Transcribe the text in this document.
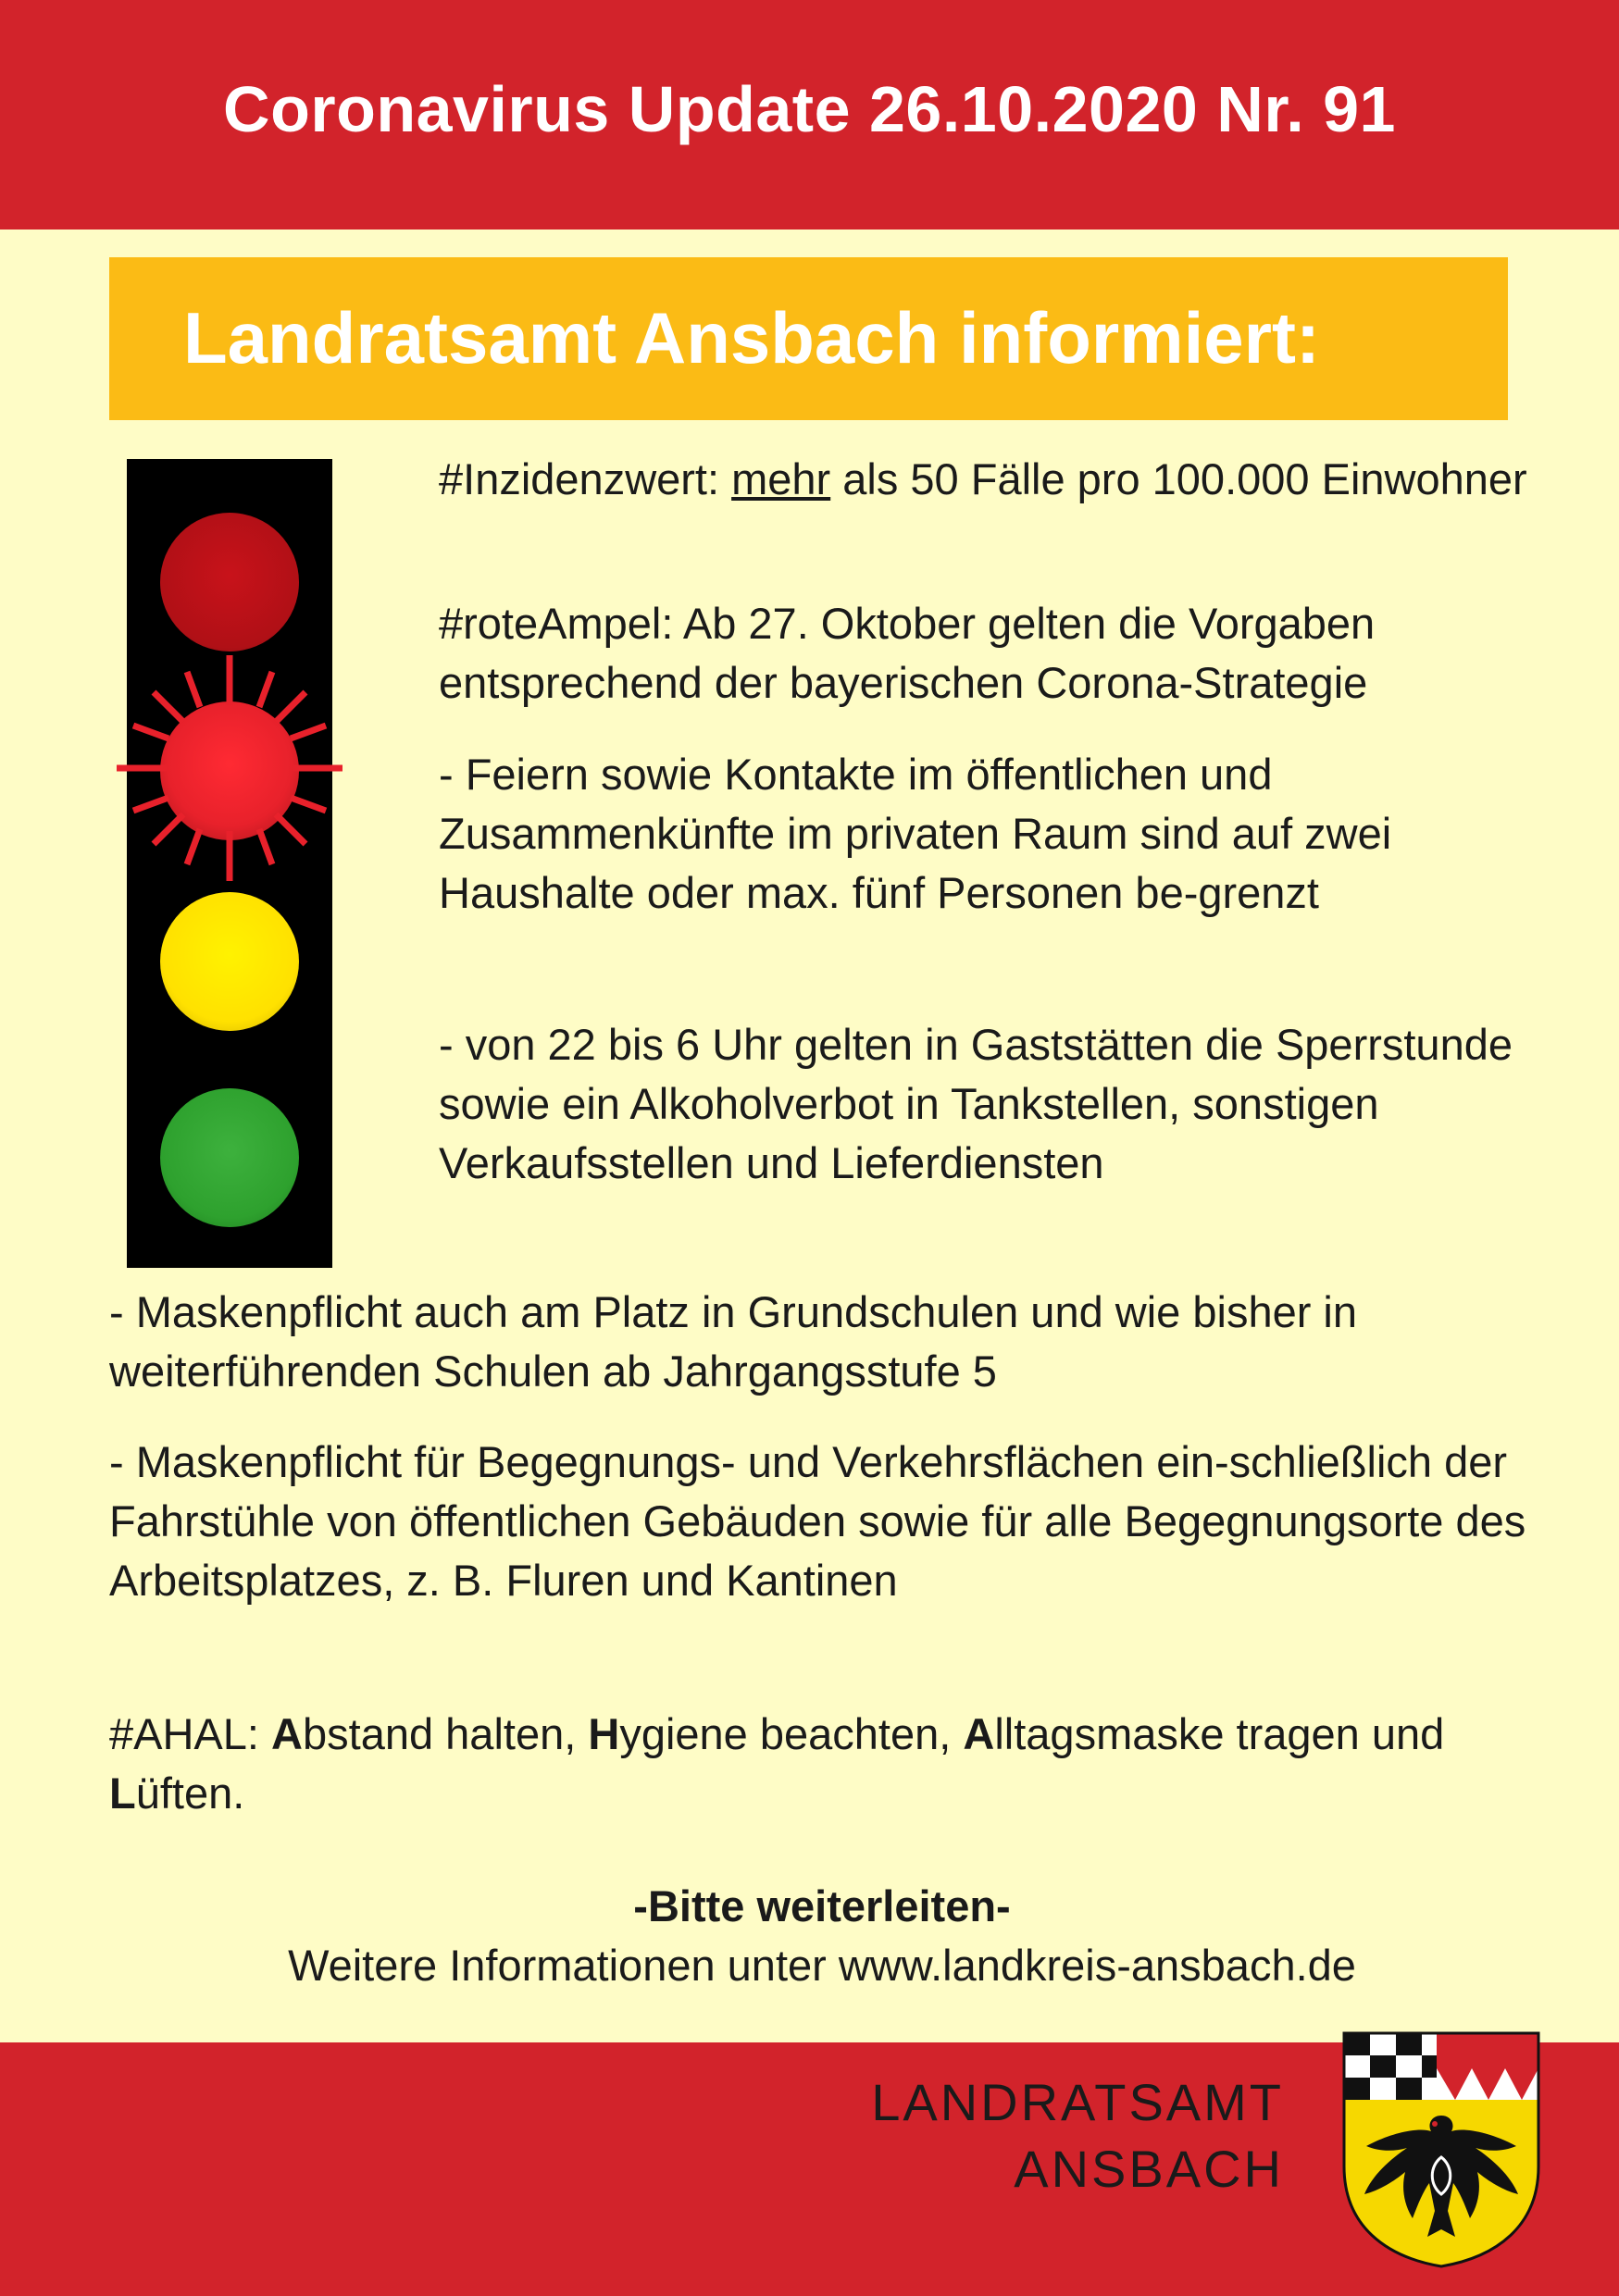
Coronavirus Update 26.10.2020 Nr. 91
Landratsamt Ansbach informiert:

#Inzidenzwert: mehr als 50 Fälle pro 100.000 Einwohner

#roteAmpel: Ab 27. Oktober gelten die Vorgaben entsprechend der bayerischen Corona-Strategie

- Feiern sowie Kontakte im öffentlichen und Zusammenkünfte im privaten Raum sind auf zwei Haushalte oder max. fünf Personen be-grenzt

- von 22 bis 6 Uhr gelten in Gaststätten die Sperrstunde sowie ein Alkoholverbot in Tankstellen, sonstigen Verkaufsstellen und Lieferdiensten

- Maskenpflicht auch am Platz in Grundschulen und wie bisher in weiterführenden Schulen ab Jahrgangsstufe 5

- Maskenpflicht für Begegnungs- und Verkehrsflächen ein-schließlich der Fahrstühle von öffentlichen Gebäuden sowie für alle Begegnungsorte des Arbeitsplatzes, z. B. Fluren und Kantinen

#AHAL: Abstand halten, Hygiene beachten, Alltagsmaske tragen und Lüften.

-Bitte weiterleiten-

Weitere Informationen unter www.landkreis-ansbach.de

LANDRATSAMT
ANSBACH
